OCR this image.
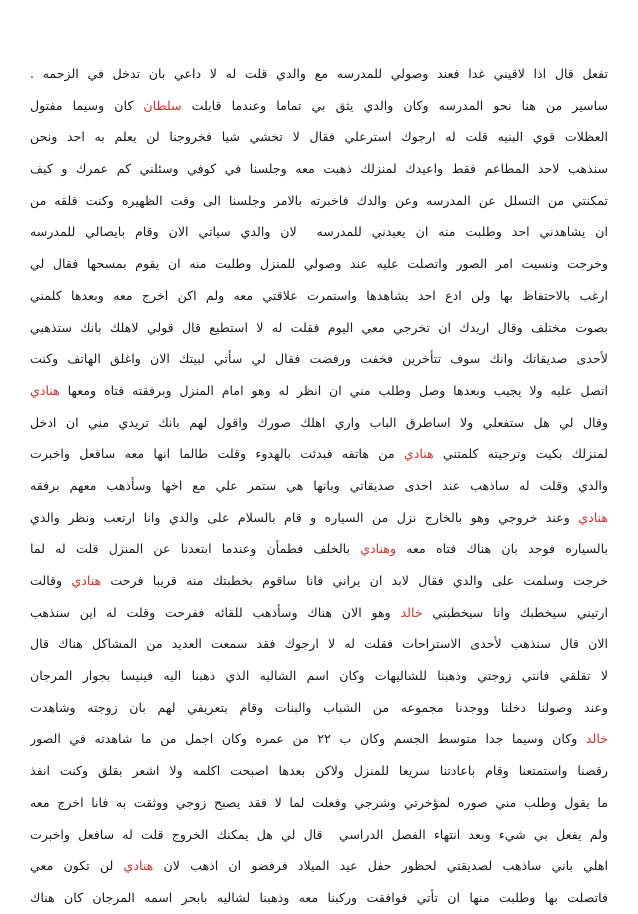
تفعل قال اذا لاقيني غدا فعند وصولي للمدرسه مع والدي قلت له لا داعي بان تدخل في الزحمه .
ساسير من هنا نحو المدرسه وكان والدي يثق بي تماما وعندما قابلت سلطان كان وسيما مفتول
العظلات قوي البنيه قلت له ارجوك استرعلي فقال لا تخشي شيا فخروجنا لن يعلم به احد ونحن
سنذهب لاحد المطاعم فقط واعيدك لمنزلك ذهبت معه وجلسنا في كوفي وسئلني كم عمرك و كيف
تمكنتي من التسلل عن المدرسه وعن والدك فاخبرته بالامر وجلسنا الى وقت الظهيره وكنت قلقه من
ان يشاهدني احد وطلبت منه ان يعيدني للمدرسه  لان والدي سياتي الان وقام بايصالي للمدرسه
وخرجت ونسيت امر الصور واتصلت عليه عند وصولي للمنزل وطلبت منه ان يقوم بمسحها فقال لي
ارغب بالاحتفاظ بها ولن ادع احد يشاهدها واستمرت علاقتي معه ولم اكن اخرج معه وبعدها كلمني
بصوت مختلف وقال اريدك ان تخرجي معي اليوم فقلت له لا استطيع قال قولي لاهلك بانك ستذهبي
لأحدى صديقاتك وانك سوف تتأخرين فخفت ورفضت فقال لي سأتي لبيتك الان واغلق الهاتف وكنت
اتصل عليه ولا يجيب وبعدها وصل وطلب مني ان انظر له وهو امام المنزل وبرفقته فتاه ومعها هنادي
وقال لي هل ستفعلي ولا اساطرق الباب واري اهلك صورك واقول لهم بانك تريدي مني ان ادخل
لمنزلك بكيت وترجيته كلمتني هنادي من هاتفه فبدئت بالهدوء وقلت طالما انها معه سافعل واخبرت
والدي وقلت له ساذهب عند احدى صديقاتي وبانها هي ستمر علي مع اخها وسأذهب معهم برفقه
هنادي وعند خروجي وهو بالخارج نزل من السياره و قام بالسلام على والدي وانا ارتعب ونظر والدي
بالسياره فوجد بان هناك فتاه معه وهنادي بالخلف فطمأن وعندما ابتعدنا عن المنزل قلت له لما
خرجت وسلمت على والدي فقال لابد ان يراني فانا ساقوم بخطبتك منه قريبا فرحت هنادي وقالت
ارتيني سيخطبك وانا سيخطبني خالد وهو الان هناك وسأذهب للقائه ففرحت وقلت له اين سنذهب
الان قال سنذهب لأحدى الاستراحات فقلت له لا ارجوك فقد سمعت العديد من المشاكل هناك قال
لا تقلقي فانتي زوجتي وذهبنا للشاليهات وكان اسم الشاليه الذي ذهبنا اليه فينيسا بجوار المرجان
وعند وصولنا دخلنا ووجدنا مجموعه من الشباب والبنات وقام بتعريفي لهم بان زوجته وشاهدت
خالد وكان وسيما جدا متوسط الجسم وكان ب ٢٢ من عمره وكان اجمل من ما شاهدته في الصور
رقصنا واستمتعنا وقام باعادتنا سريعا للمنزل ولاكن بعدها اصبحت اكلمه ولا اشعر بقلق وكنت انفذ
ما يقول وطلب مني صوره لمؤخرتي وشرجي وفعلت لما لا فقد يصبح زوجي ووثقت به فانا اخرج معه
ولم يفعل بي شيء وبعد انتهاء الفصل الدراسي  قال لي هل يمكنك الخروج قلت له سافعل واخبرت
اهلي باني ساذهب لصديقتي لحظور حفل عيد الميلاد فرفضو ان اذهب لان هنادي لن تكون معي
فاتصلت بها وطلبت منها ان تأتي فوافقت وركبنا معه وذهبنا لشاليه بابحر اسمه المرجان كان هناك
